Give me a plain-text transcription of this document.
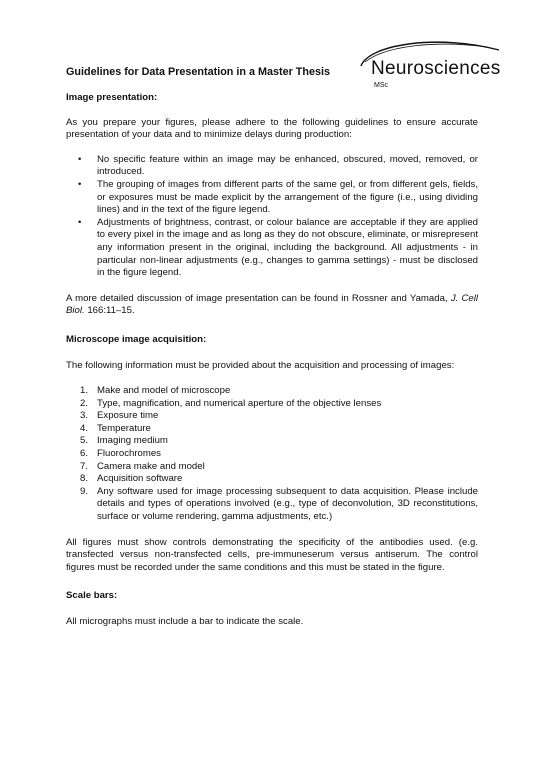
Guidelines for Data Presentation in a Master Thesis Neurosciences
MSc

Image presentation:

As you prepare your figures, please adhere to the following guidelines to ensure accurate presentation of your data and to minimize delays during production:

• No specific feature within an image may be enhanced, obscured, moved, removed, or introduced.
• The grouping of images from different parts of the same gel, or from different gels, fields, or exposures must be made explicit by the arrangement of the figure (i.e., using dividing lines) and in the text of the figure legend.
• Adjustments of brightness, contrast, or colour balance are acceptable if they are applied to every pixel in the image and as long as they do not obscure, eliminate, or misrepresent any information present in the original, including the background. All adjustments - in particular non-linear adjustments (e.g., changes to gamma settings) - must be disclosed in the figure legend.

A more detailed discussion of image presentation can be found in Rossner and Yamada, J. Cell Biol. 166:11–15.

Microscope image acquisition:

The following information must be provided about the acquisition and processing of images:

1. Make and model of microscope
2. Type, magnification, and numerical aperture of the objective lenses
3. Exposure time
4. Temperature
5. Imaging medium
6. Fluorochromes
7. Camera make and model
8. Acquisition software
9. Any software used for image processing subsequent to data acquisition. Please include details and types of operations involved (e.g., type of deconvolution, 3D reconstitutions, surface or volume rendering, gamma adjustments, etc.)

All figures must show controls demonstrating the specificity of the antibodies used. (e.g. transfected versus non-transfected cells, pre-immuneserum versus antiserum. The control figures must be recorded under the same conditions and this must be stated in the figure.

Scale bars:

All micrographs must include a bar to indicate the scale.
